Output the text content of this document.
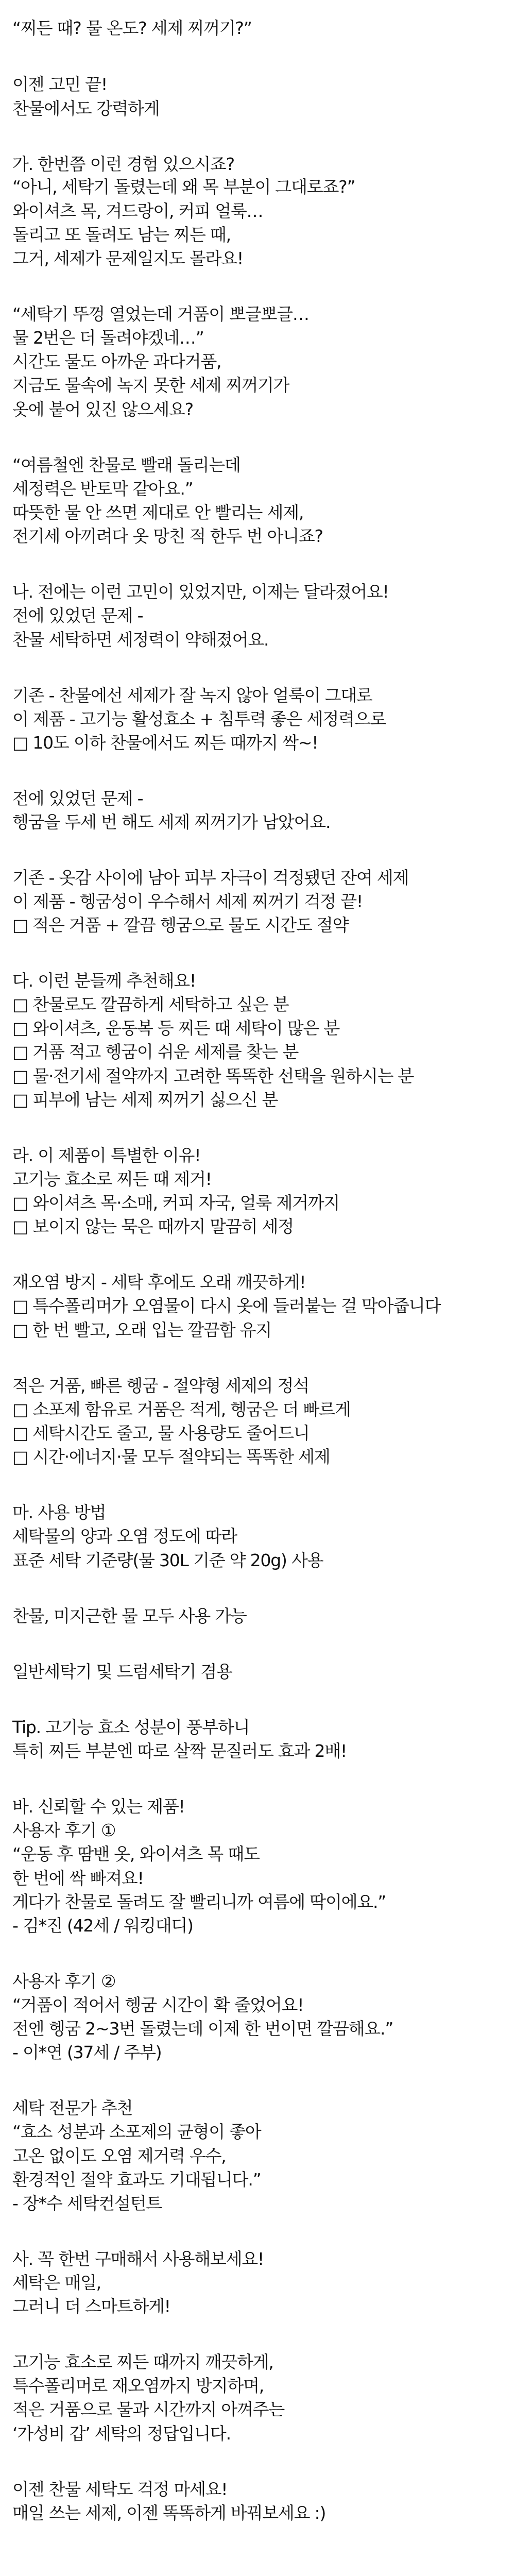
“찌든 때? 물 온도? 세제 찌꺼기?”
이젠 고민 끝!
찬물에서도 강력하게
가. 한번쯤 이런 경험 있으시죠?
“아니, 세탁기 돌렸는데 왜 목 부분이 그대로죠?”
와이셔츠 목, 겨드랑이, 커피 얼룩…
돌리고 또 돌려도 남는 찌든 때,
그거, 세제가 문제일지도 몰라요!
“세탁기 뚜껑 열었는데 거품이 뽀글뽀글…
물 2번은 더 돌려야겠네…”
시간도 물도 아까운 과다거품,
지금도 물속에 녹지 못한 세제 찌꺼기가
옷에 붙어 있진 않으세요?
“여름철엔 찬물로 빨래 돌리는데
세정력은 반토막 같아요.”
따뜻한 물 안 쓰면 제대로 안 빨리는 세제,
전기세 아끼려다 옷 망친 적 한두 번 아니죠?
나. 전에는 이런 고민이 있었지만, 이제는 달라졌어요!
전에 있었던 문제 -
찬물 세탁하면 세정력이 약해졌어요.
기존 - 찬물에선 세제가 잘 녹지 않아 얼룩이 그대로
이 제품 - 고기능 활성효소 + 침투력 좋은 세정력으로
□ 10도 이하 찬물에서도 찌든 때까지 싹~!
전에 있었던 문제 -
헹굼을 두세 번 해도 세제 찌꺼기가 남았어요.
기존 - 옷감 사이에 남아 피부 자극이 걱정됐던 잔여 세제
이 제품 - 헹굼성이 우수해서 세제 찌꺼기 걱정 끝!
□ 적은 거품 + 깔끔 헹굼으로 물도 시간도 절약
다. 이런 분들께 추천해요!
□ 찬물로도 깔끔하게 세탁하고 싶은 분
□ 와이셔츠, 운동복 등 찌든 때 세탁이 많은 분
□ 거품 적고 헹굼이 쉬운 세제를 찾는 분
□ 물·전기세 절약까지 고려한 똑똑한 선택을 원하시는 분
□ 피부에 남는 세제 찌꺼기 싫으신 분
라. 이 제품이 특별한 이유!
고기능 효소로 찌든 때 제거!
□ 와이셔츠 목·소매, 커피 자국, 얼룩 제거까지
□ 보이지 않는 묵은 때까지 말끔히 세정
재오염 방지 - 세탁 후에도 오래 깨끗하게!
□ 특수폴리머가 오염물이 다시 옷에 들러붙는 걸 막아줍니다
□ 한 번 빨고, 오래 입는 깔끔함 유지
적은 거품, 빠른 헹굼 - 절약형 세제의 정석
□ 소포제 함유로 거품은 적게, 헹굼은 더 빠르게
□ 세탁시간도 줄고, 물 사용량도 줄어드니
□ 시간·에너지·물 모두 절약되는 똑똑한 세제
마. 사용 방법
세탁물의 양과 오염 정도에 따라
표준 세탁 기준량(물 30L 기준 약 20g) 사용
찬물, 미지근한 물 모두 사용 가능
일반세탁기 및 드럼세탁기 겸용
Tip. 고기능 효소 성분이 풍부하니
특히 찌든 부분엔 따로 살짝 문질러도 효과 2배!
바. 신뢰할 수 있는 제품!
사용자 후기 ①
“운동 후 땀밴 옷, 와이셔츠 목 때도
한 번에 싹 빠져요!
게다가 찬물로 돌려도 잘 빨리니까 여름에 딱이에요.”
- 김*진 (42세 / 워킹대디)
사용자 후기 ②
“거품이 적어서 헹굼 시간이 확 줄었어요!
전엔 헹굼 2~3번 돌렸는데 이제 한 번이면 깔끔해요.”
- 이*연 (37세 / 주부)
세탁 전문가 추천
“효소 성분과 소포제의 균형이 좋아
고온 없이도 오염 제거력 우수,
환경적인 절약 효과도 기대됩니다.”
- 장*수 세탁컨설턴트
사. 꼭 한번 구매해서 사용해보세요!
세탁은 매일,
그러니 더 스마트하게!
고기능 효소로 찌든 때까지 깨끗하게,
특수폴리머로 재오염까지 방지하며,
적은 거품으로 물과 시간까지 아껴주는
‘가성비 갑’ 세탁의 정답입니다.
이젠 찬물 세탁도 걱정 마세요!
매일 쓰는 세제, 이젠 똑똑하게 바꿔보세요 :)
